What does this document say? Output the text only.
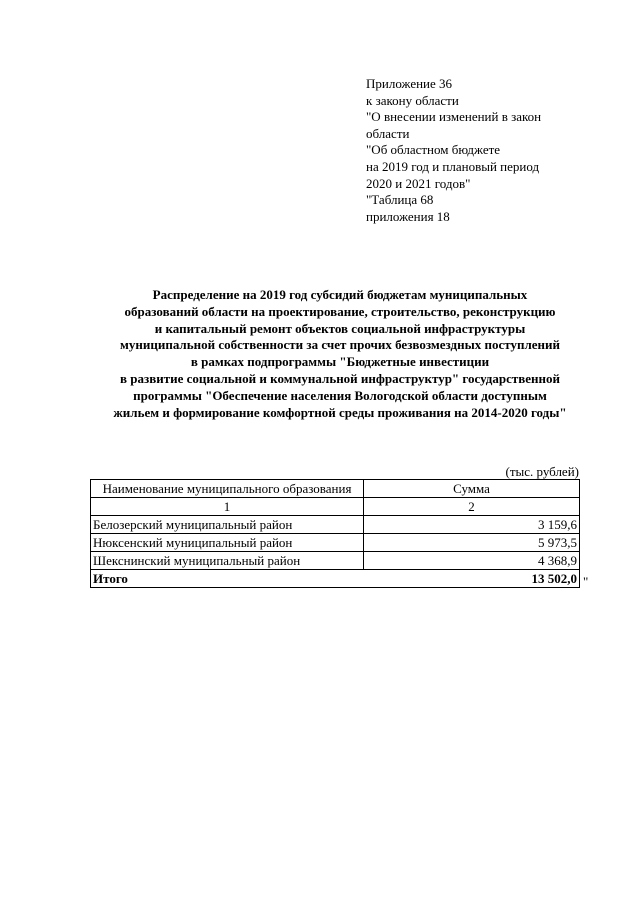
Приложение 36
к закону области
"О внесении изменений в закон
области
"Об областном бюджете
на 2019 год и плановый период
2020 и 2021 годов"
"Таблица 68
приложения 18
Распределение на 2019 год субсидий бюджетам муниципальных
образований области на проектирование, строительство, реконструкцию
и капитальный ремонт объектов социальной инфраструктуры
муниципальной собственности за счет прочих безвозмездных поступлений
в рамках подпрограммы "Бюджетные инвестиции
в развитие социальной и коммунальной инфраструктур" государственной
программы "Обеспечение населения Вологодской области доступным
жильем и формирование комфортной среды проживания на 2014-2020 годы"
(тыс. рублей)
Наименование муниципального образования	Сумма
1	2
Белозерский муниципальный район	3 159,6
Нюксенский муниципальный район	5 973,5
Шекснинский муниципальный район	4 368,9
Итого	13 502,0 "
